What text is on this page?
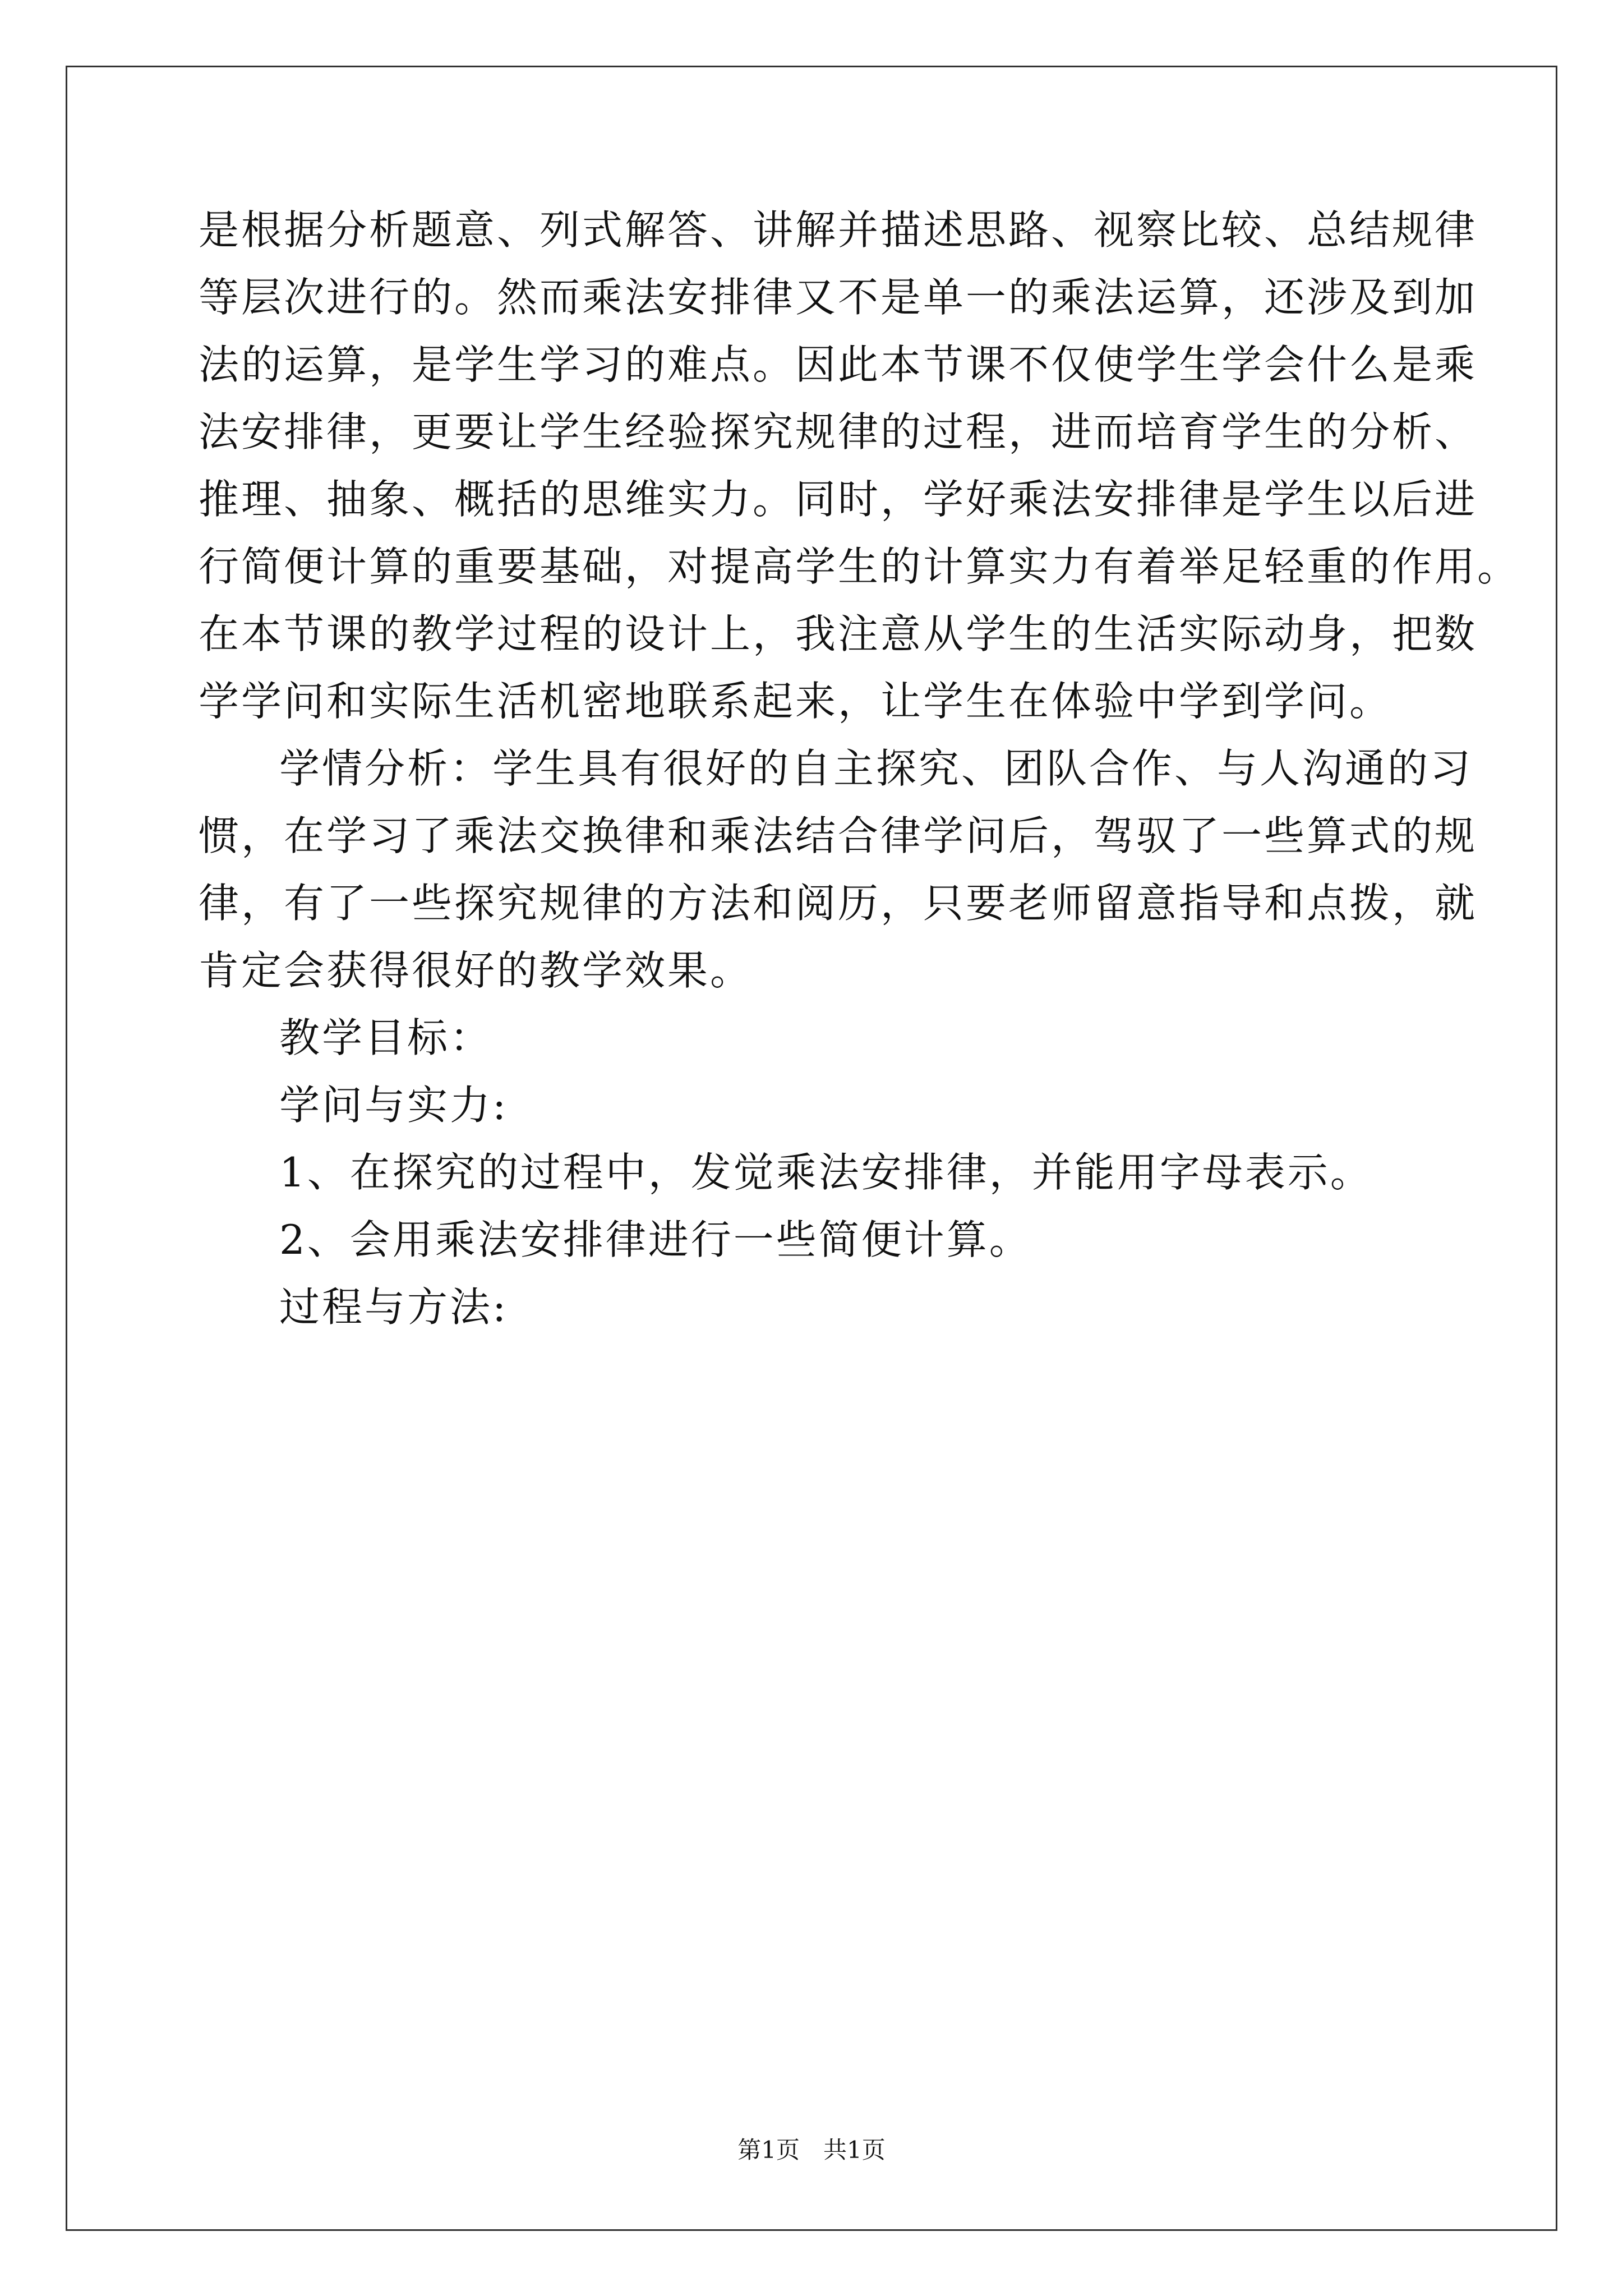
是根据分析题意、列式解答、讲解并描述思路、视察比较、总结规律
等层次进行的。然而乘法安排律又不是单一的乘法运算，还涉及到加
法的运算，是学生学习的难点。因此本节课不仅使学生学会什么是乘
法安排律，更要让学生经验探究规律的过程，进而培育学生的分析、
推理、抽象、概括的思维实力。同时，学好乘法安排律是学生以后进
行简便计算的重要基础，对提高学生的计算实力有着举足轻重的作用。
在本节课的教学过程的设计上，我注意从学生的生活实际动身，把数
学学问和实际生活机密地联系起来，让学生在体验中学到学问。
学情分析：学生具有很好的自主探究、团队合作、与人沟通的习
惯，在学习了乘法交换律和乘法结合律学问后，驾驭了一些算式的规
律，有了一些探究规律的方法和阅历，只要老师留意指导和点拨，就
肯定会获得很好的教学效果。
教学目标：
学问与实力:
1、在探究的过程中，发觉乘法安排律，并能用字母表示。
2、会用乘法安排律进行一些简便计算。
过程与方法:
第1页　共1页
